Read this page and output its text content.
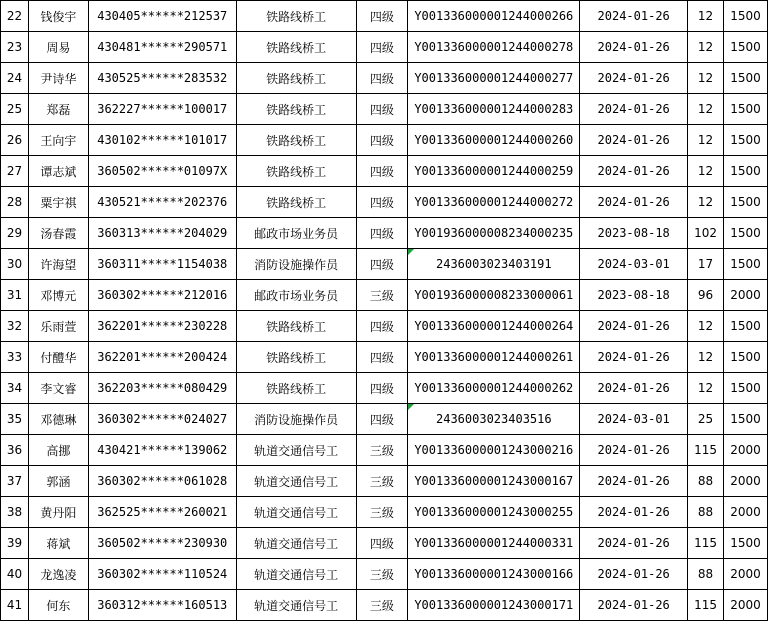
22	钱俊宇	430405******212537	铁路线桥工	四级	Y001336000001244000266	2024-01-26	12	1500
23	周易	430481******290571	铁路线桥工	四级	Y001336000001244000278	2024-01-26	12	1500
24	尹诗华	430525******283532	铁路线桥工	四级	Y001336000001244000277	2024-01-26	12	1500
25	郑磊	362227******100017	铁路线桥工	四级	Y001336000001244000283	2024-01-26	12	1500
26	王向宇	430102******101017	铁路线桥工	四级	Y001336000001244000260	2024-01-26	12	1500
27	谭志斌	360502******01097X	铁路线桥工	四级	Y001336000001244000259	2024-01-26	12	1500
28	粟宇祺	430521******202376	铁路线桥工	四级	Y001336000001244000272	2024-01-26	12	1500
29	汤春霞	360313******204029	邮政市场业务员	四级	Y001936000008234000235	2023-08-18	102	1500
30	许海望	360311*****1154038	消防设施操作员	四级	2436003023403191	2024-03-01	17	1500
31	邓博元	360302******212016	邮政市场业务员	三级	Y001936000008233000061	2023-08-18	96	2000
32	乐雨萱	362201******230228	铁路线桥工	四级	Y001336000001244000264	2024-01-26	12	1500
33	付醴华	362201******200424	铁路线桥工	四级	Y001336000001244000261	2024-01-26	12	1500
34	李文睿	362203******080429	铁路线桥工	四级	Y001336000001244000262	2024-01-26	12	1500
35	邓德琳	360302******024027	消防设施操作员	四级	2436003023403516	2024-03-01	25	1500
36	高挪	430421******139062	轨道交通信号工	三级	Y001336000001243000216	2024-01-26	115	2000
37	郭涵	360302******061028	轨道交通信号工	三级	Y001336000001243000167	2024-01-26	88	2000
38	黄丹阳	362525******260021	轨道交通信号工	三级	Y001336000001243000255	2024-01-26	88	2000
39	蒋斌	360502******230930	轨道交通信号工	四级	Y001336000001244000331	2024-01-26	115	1500
40	龙逸凌	360302******110524	轨道交通信号工	三级	Y001336000001243000166	2024-01-26	88	2000
41	何东	360312******160513	轨道交通信号工	三级	Y001336000001243000171	2024-01-26	115	2000
